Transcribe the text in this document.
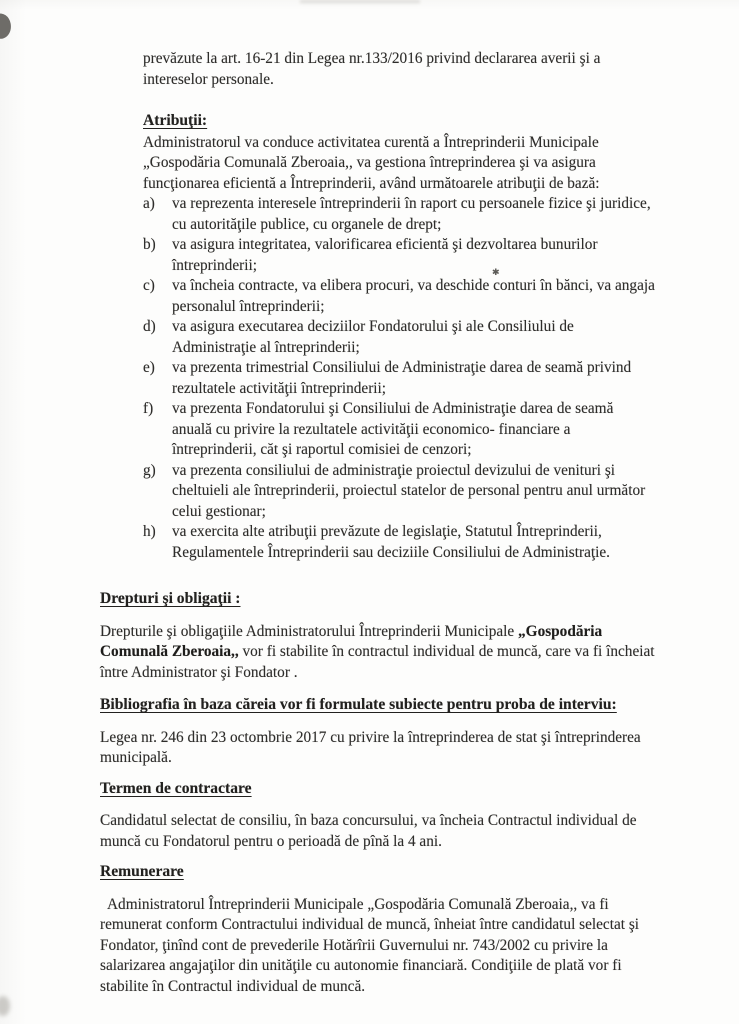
✱

prevăzute la art. 16-21 din Legea nr.133/2016 privind declararea averii şi a intereselor personale.

Atribuţii:

Administratorul va conduce activitatea curentă a Întreprinderii Municipale „Gospodăria Comunală Zberoaia,, va gestiona întreprinderea şi va asigura funcţionarea eficientă a Întreprinderii, având următoarele atribuţii de bază:

a)	va reprezenta interesele întreprinderii în raport cu persoanele fizice şi juridice, cu autorităţile publice, cu organele de drept;
b)	va asigura integritatea, valorificarea eficientă şi dezvoltarea bunurilor întreprinderii;
c)	va încheia contracte, va elibera procuri, va deschide conturi în bănci, va angaja personalul întreprinderii;
d)	va asigura executarea deciziilor Fondatorului şi ale Consiliului de Administraţie al întreprinderii;
e)	va prezenta trimestrial Consiliului de Administraţie darea de seamă privind rezultatele activităţii întreprinderii;
f)	va prezenta Fondatorului şi Consiliului de Administraţie darea de seamă anuală cu privire la rezultatele activităţii economico- financiare a întreprinderii, căt şi raportul comisiei de cenzori;
g)	va prezenta consiliului de administraţie proiectul devizului de venituri şi cheltuieli ale întreprinderii, proiectul statelor de personal pentru anul următor celui gestionar;
h)	va exercita alte atribuţii prevăzute de legislaţie, Statutul Întreprinderii, Regulamentele Întreprinderii sau deciziile Consiliului de Administraţie.
Drepturi şi obligaţii :

Drepturile şi obligaţiile Administratorului Întreprinderii Municipale „Gospodăria Comunală Zberoaia,, vor fi stabilite în contractul individual de muncă, care va fi încheiat între Administrator şi Fondator .

Bibliografia în baza căreia vor fi formulate subiecte pentru proba de interviu:

Legea nr. 246 din 23 octombrie 2017 cu privire la întreprinderea de stat şi întreprinderea municipală.

Termen de contractare

Candidatul selectat de consiliu, în baza concursului, va încheia Contractul individual de muncă cu Fondatorul pentru o perioadă de pînă la 4 ani.

Remunerare

Administratorul Întreprinderii Municipale „Gospodăria Comunală Zberoaia,, va fi remunerat conform Contractului individual de muncă, înheiat între candidatul selectat şi Fondator, ţinînd cont de prevederile Hotărîrii Guvernului nr. 743/2002 cu privire la salarizarea angajaţilor din unităţile cu autonomie financiară. Condiţiile de plată vor fi stabilite în Contractul individual de muncă.
